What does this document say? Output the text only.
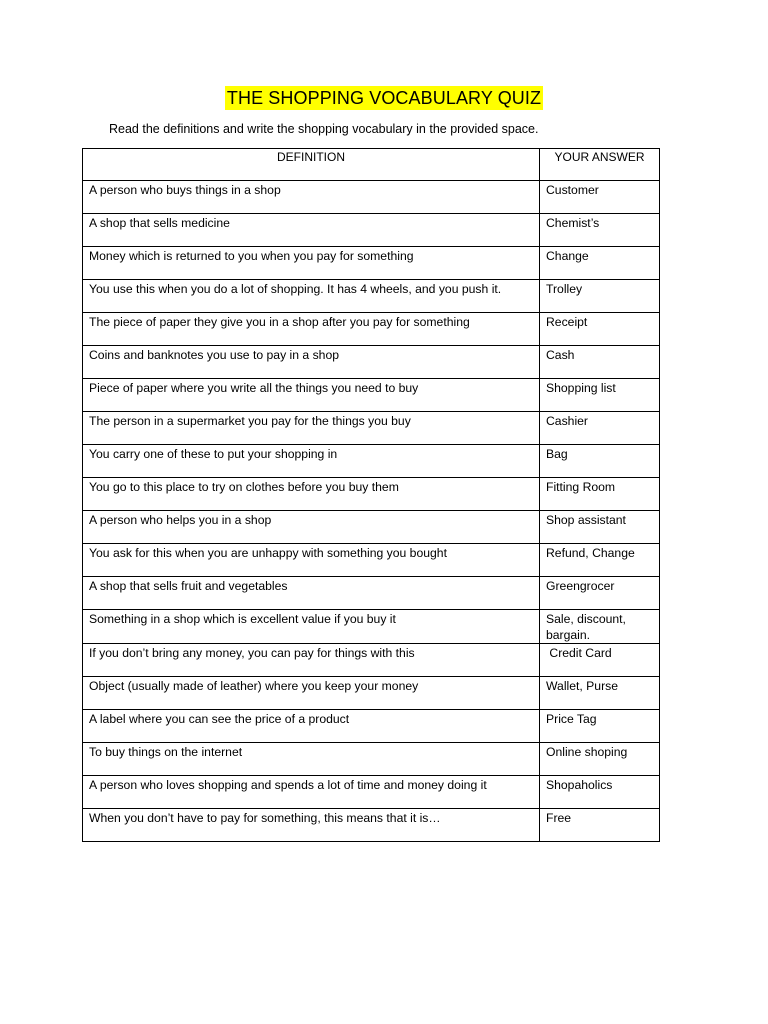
THE SHOPPING VOCABULARY QUIZ
Read the definitions and write the shopping vocabulary in the provided space.
DEFINITION	YOUR ANSWER

A person who buys things in a shop	Customer

A shop that sells medicine	Chemist’s

Money which is returned to you when you pay for something	Change

You use this when you do a lot of shopping. It has 4 wheels, and you push it.	Trolley

The piece of paper they give you in a shop after you pay for something	Receipt

Coins and banknotes you use to pay in a shop	Cash

Piece of paper where you write all the things you need to buy	Shopping list

The person in a supermarket you pay for the things you buy	Cashier

You carry one of these to put your shopping in	Bag

You go to this place to try on clothes before you buy them	Fitting Room

A person who helps you in a shop	Shop assistant

You ask for this when you are unhappy with something you bought	Refund, Change

A shop that sells fruit and vegetables	Greengrocer

Something in a shop which is excellent value if you buy it	Sale, discount, bargain.

If you don’t bring any money, you can pay for things with this	Credit Card

Object (usually made of leather) where you keep your money	Wallet, Purse

A label where you can see the price of a product	Price Tag

To buy things on the internet	Online shoping

A person who loves shopping and spends a lot of time and money doing it	Shopaholics

When you don’t have to pay for something, this means that it is…	Free
